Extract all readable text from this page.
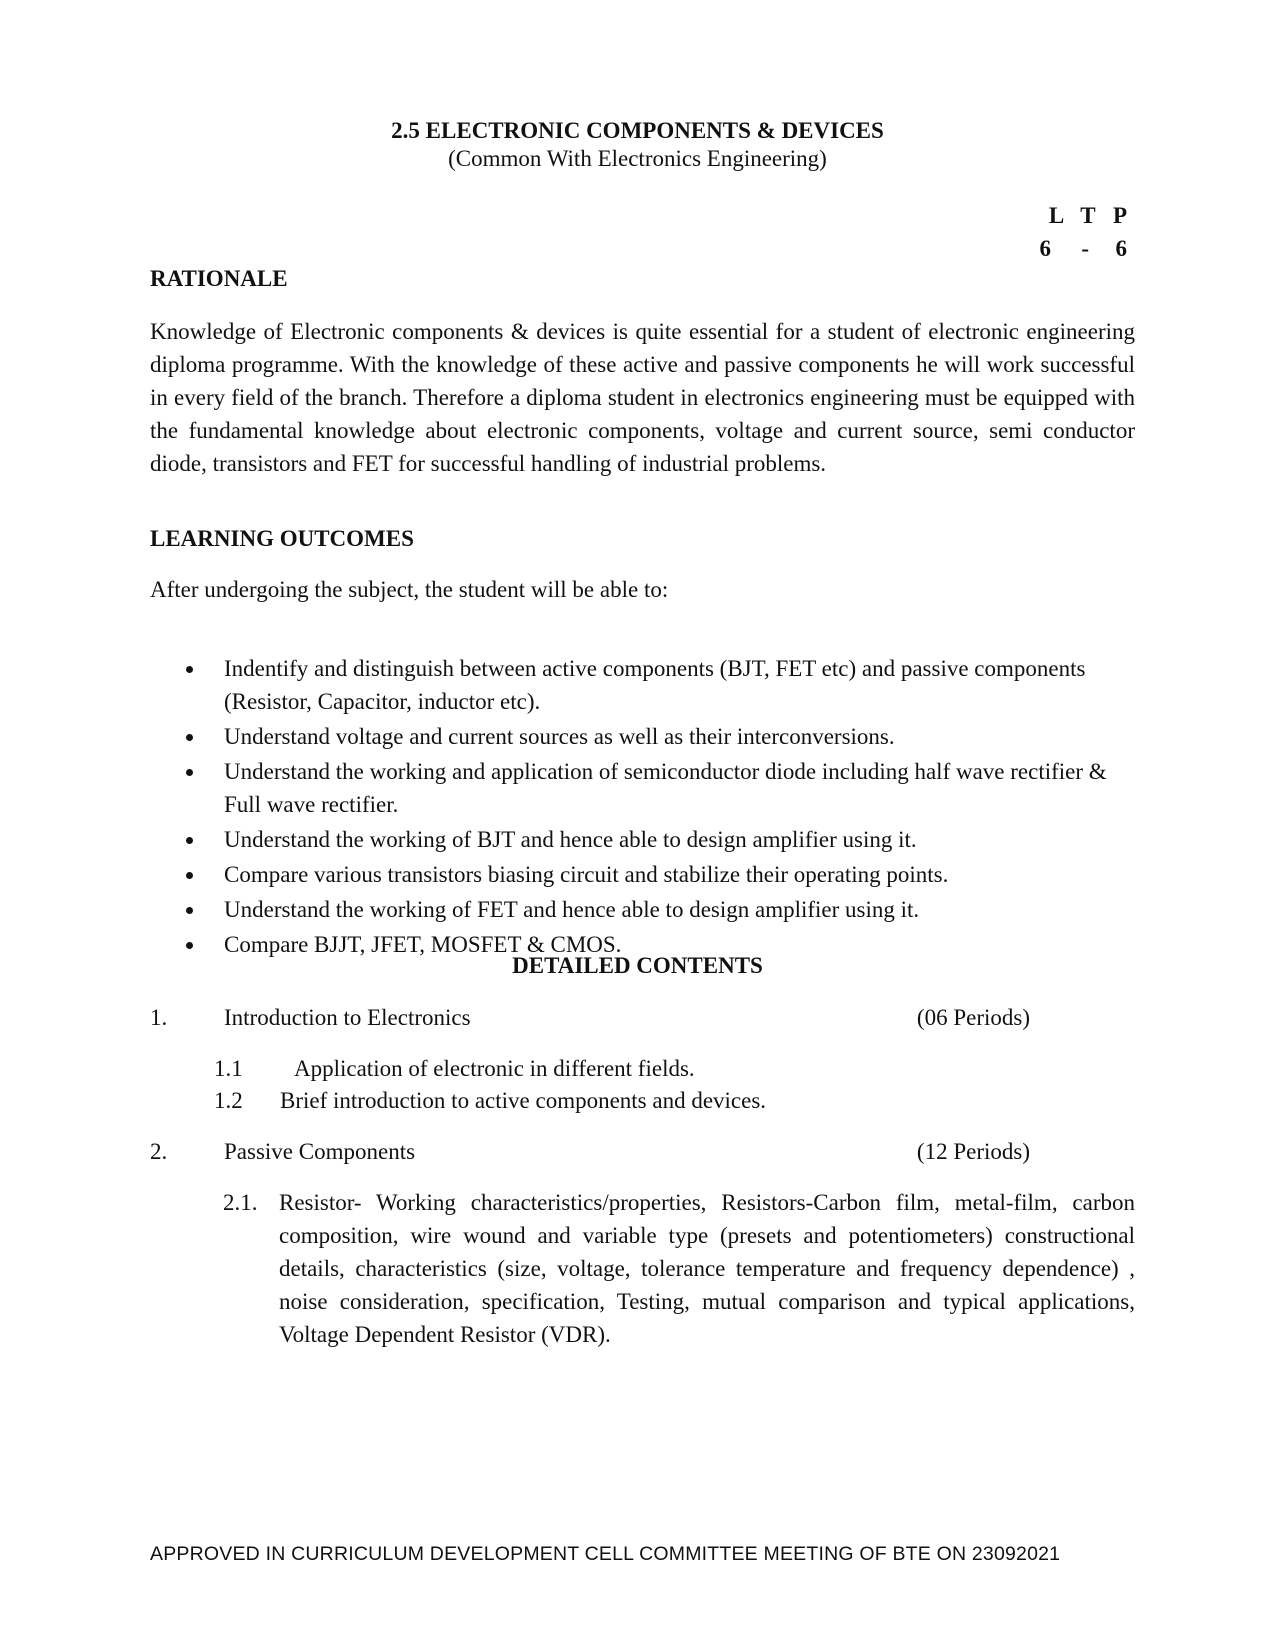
2.5 ELECTRONIC COMPONENTS & DEVICES
(Common With Electronics Engineering)
L T P
6 - 6
RATIONALE

Knowledge of Electronic components & devices is quite essential for a student of electronic engineering diploma programme. With the knowledge of these active and passive components he will work successful in every field of the branch. Therefore a diploma student in electronics engineering must be equipped with the fundamental knowledge about electronic components, voltage and current source, semi conductor diode, transistors and FET for successful handling of industrial problems.

LEARNING OUTCOMES
After undergoing the subject, the student will be able to:
Indentify and distinguish between active components (BJT, FET etc) and passive components (Resistor, Capacitor, inductor etc).
Understand voltage and current sources as well as their interconversions.
Understand the working and application of semiconductor diode including half wave rectifier & Full wave rectifier.
Understand the working of BJT and hence able to design amplifier using it.
Compare various transistors biasing circuit and stabilize their operating points.
Understand the working of FET and hence able to design amplifier using it.
Compare BJJT, JFET, MOSFET & CMOS.
DETAILED CONTENTS
1. Introduction to Electronics	(06 Periods)
1.1 Application of electronic in different fields.
1.2 Brief introduction to active components and devices.
2. Passive Components	(12 Periods)
2.1. Resistor- Working characteristics/properties, Resistors-Carbon film, metal-film, carbon composition, wire wound and variable type (presets and potentiometers) constructional details, characteristics (size, voltage, tolerance temperature and frequency dependence) , noise consideration, specification, Testing, mutual comparison and typical applications, Voltage Dependent Resistor (VDR).

APPROVED IN CURRICULUM DEVELOPMENT CELL COMMITTEE MEETING OF BTE ON 23092021
